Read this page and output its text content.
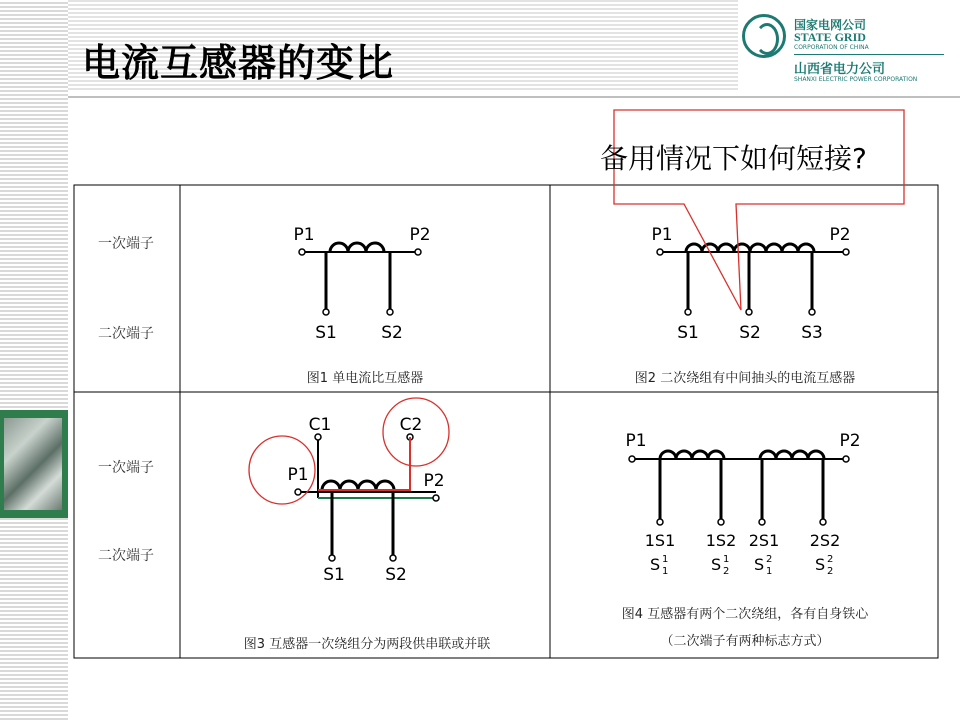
电流互感器的变比
国家电网公司
STATE GRID
CORPORATION OF CHINA
山西省电力公司
SHANXI ELECTRIC POWER CORPORATION
一次端子
二次端子
一次端子
二次端子
P1	P2
S1	S2
图1 单电流比互感器
P1	P2
S1 S2 S3
图2 二次绕组有中间抽头的电流互感器
C1	C2
P1	P2
S1 S2
图3 互感器一次绕组分为两段供串联或并联
P1	P2
1S1 1S2 2S1 2S2
S 1
1	S 1
2 S 2
1	S 2
2
图4 互感器有两个二次绕组，各有自身铁心
（二次端子有两种标志方式）
备用情况下如何短接?
